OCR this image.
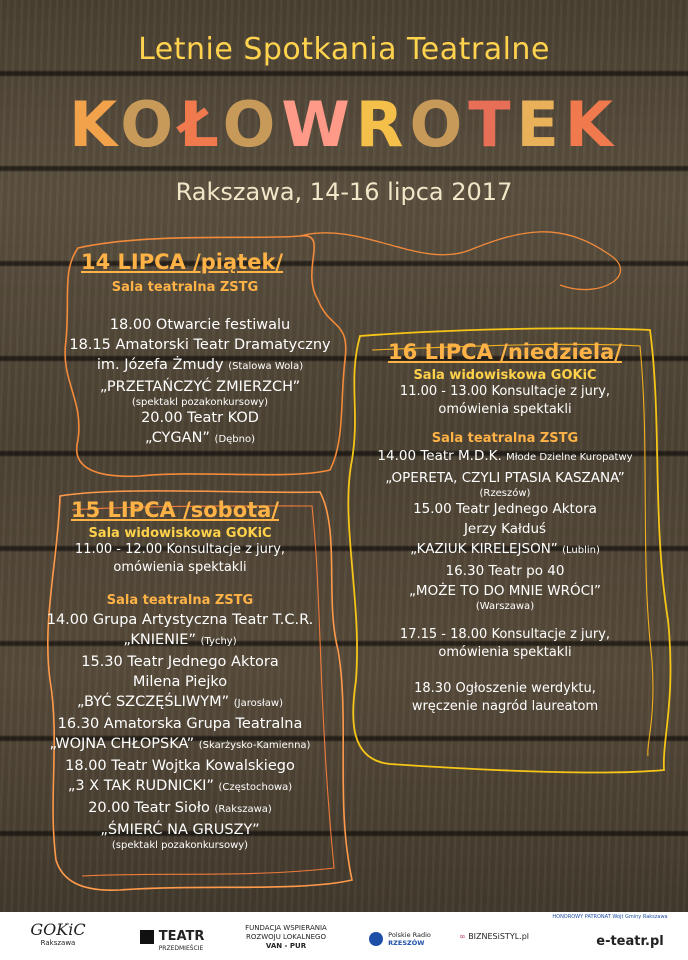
Letnie Spotkania Teatralne
KOŁOWROTEK
Rakszawa, 14-16 lipca 2017
14 LIPCA /piątek/
Sala teatralna ZSTG
18.00 Otwarcie festiwalu
18.15 Amatorski Teatr Dramatyczny
im. Józefa Żmudy (Stalowa Wola)
„PRZETAŃCZYĆ ZMIERZCH”
(spektakl pozakonkursowy)
20.00 Teatr KOD
„CYGAN” (Dębno)
15 LIPCA /sobota/
Sala widowiskowa GOKiC
11.00 - 12.00 Konsultacje z jury,
omówienia spektakli
Sala teatralna ZSTG
14.00 Grupa Artystyczna Teatr T.C.R.
„KNIENIE” (Tychy)
15.30 Teatr Jednego Aktora
Milena Piejko
„BYĆ SZCZĘŚLIWYM” (Jarosław)
16.30 Amatorska Grupa Teatralna
„WOJNA CHŁOPSKA” (Skarżysko-Kamienna)
18.00 Teatr Wojtka Kowalskiego
„3 X TAK RUDNICKI” (Częstochowa)
20.00 Teatr Sioło (Rakszawa)
„ŚMIERĆ NA GRUSZY”
(spektakl pozakonkursowy)
16 LIPCA /niedziela/
Sala widowiskowa GOKiC
11.00 - 13.00 Konsultacje z jury,
omówienia spektakli
Sala teatralna ZSTG
14.00 Teatr M.D.K. Młode Dzielne Kuropatwy
„OPERETA, CZYLI PTASIA KASZANA”
(Rzeszów)
15.00 Teatr Jednego Aktora
Jerzy Kałduś
„KAZIUK KIRELEJSON” (Lublin)
16.30 Teatr po 40
„MOŻE TO DO MNIE WRÓCI”
(Warszawa)
17.15 - 18.00 Konsultacje z jury,
omówienia spektakli
18.30 Ogłoszenie werdyktu,
wręczenie nagród laureatom
GOKiC
Rakszawa	TEATR
PRZEDMIEŚCIE
FUNDACJA WSPIERANIA
ROZWOJU LOKALNEGO
VAN - PUR
Polskie Radio
RZESZÓW
∞ BIZNESiSTYL.pl
HONOROWY PATRONAT Wójt Gminy Rakszawa
e-teatr.pl
